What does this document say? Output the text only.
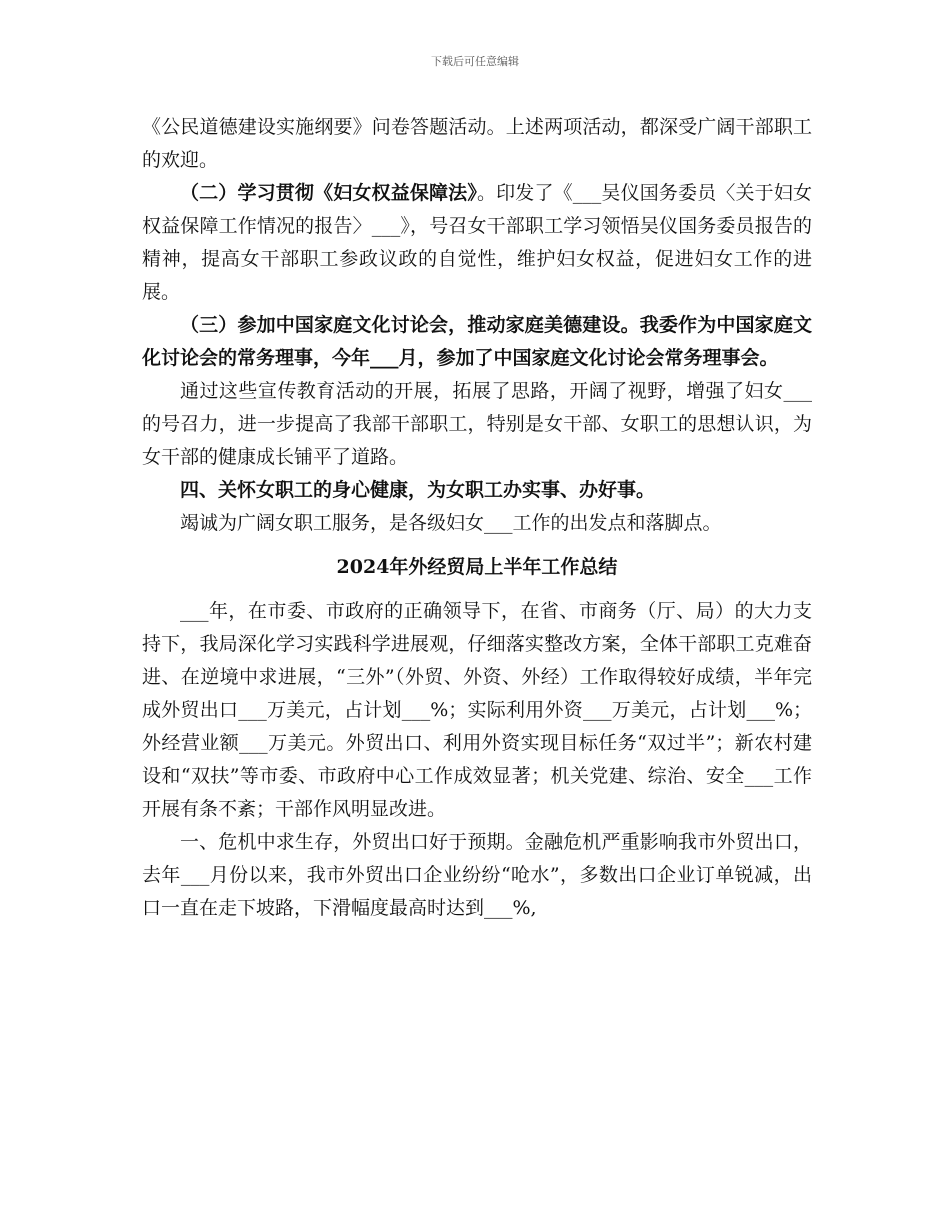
下载后可任意编辑

《公民道德建设实施纲要》问卷答题活动。上述两项活动，都深受广阔干部职工的欢迎。

（二）学习贯彻《妇女权益保障法》。印发了《___吴仪国务委员〈关于妇女权益保障工作情况的报告〉___》，号召女干部职工学习领悟吴仪国务委员报告的精神，提高女干部职工参政议政的自觉性，维护妇女权益，促进妇女工作的进展。

（三）参加中国家庭文化讨论会，推动家庭美德建设。我委作为中国家庭文化讨论会的常务理事，今年___月，参加了中国家庭文化讨论会常务理事会。

通过这些宣传教育活动的开展，拓展了思路，开阔了视野，增强了妇女___的号召力，进一步提高了我部干部职工，特别是女干部、女职工的思想认识，为女干部的健康成长铺平了道路。

四、关怀女职工的身心健康，为女职工办实事、办好事。

竭诚为广阔女职工服务，是各级妇女___工作的出发点和落脚点。

2024年外经贸局上半年工作总结

___年，在市委、市政府的正确领导下，在省、市商务（厅、局）的大力支持下，我局深化学习实践科学进展观，仔细落实整改方案，全体干部职工克难奋进、在逆境中求进展，“三外”（外贸、外资、外经）工作取得较好成绩，半年完成外贸出口___万美元，占计划___%；实际利用外资___万美元，占计划___%；外经营业额___万美元。外贸出口、利用外资实现目标任务“双过半”；新农村建设和“双扶”等市委、市政府中心工作成效显著；机关党建、综治、安全___工作开展有条不紊；干部作风明显改进。

一、危机中求生存，外贸出口好于预期。金融危机严重影响我市外贸出口，去年___月份以来，我市外贸出口企业纷纷“呛水”，多数出口企业订单锐减，出口一直在走下坡路，下滑幅度最高时达到___%,
